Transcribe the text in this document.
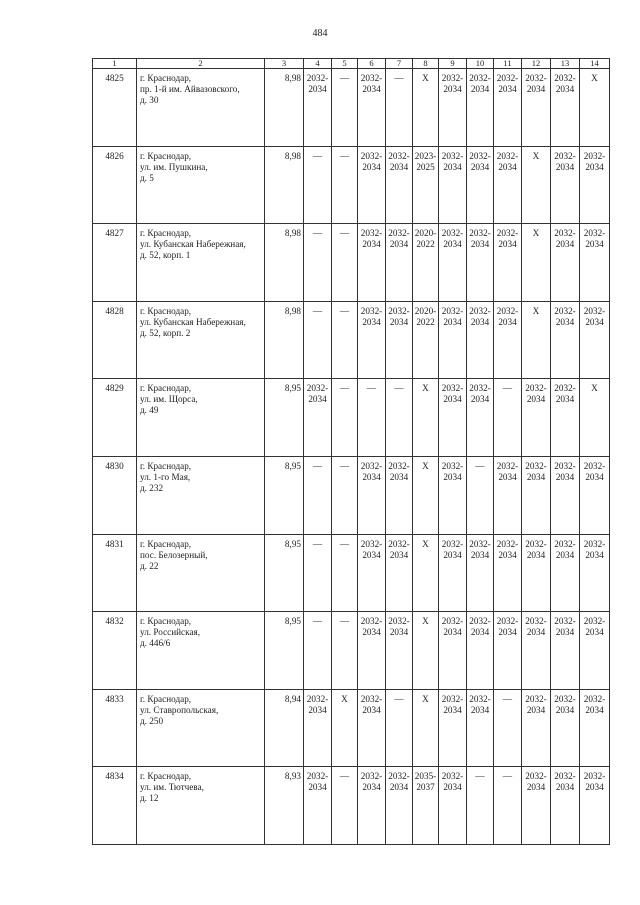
484
1	2	3	4	5	6	7	8	9	10	11	12	13	14
4825	г. Краснодар,
пр. 1-й им. Айвазовского,
д. 30	8,98	2032-
2034	—	2032-
2034	—	X	2032-
2034	2032-
2034	2032-
2034	2032-
2034	2032-
2034	X
4826	г. Краснодар,
ул. им. Пушкина,
д. 5	8,98	—	—	2032-
2034	2032-
2034	2023-
2025	2032-
2034	2032-
2034	2032-
2034	X	2032-
2034	2032-
2034

4827	г. Краснодар,
ул. Кубанская Набережная,
д. 52, корп. 1	8,98	—	—	2032-
2034	2032-
2034	2020-
2022	2032-
2034	2032-
2034	2032-
2034	X	2032-
2034	2032-
2034

4828	г. Краснодар,
ул. Кубанская Набережная,
д. 52, корп. 2	8,98	—	—	2032-
2034	2032-
2034	2020-
2022	2032-
2034	2032-
2034	2032-
2034	X	2032-
2034	2032-
2034

4829	г. Краснодар,
ул. им. Щорса,
д. 49	8,95	2032-
2034	—	—	—	X	2032-
2034	2032-
2034	—	2032-
2034	2032-
2034	X
4830	г. Краснодар,
ул. 1-го Мая,
д. 232	8,95	—	—	2032-
2034	2032-
2034	X	2032-
2034	—	2032-
2034	2032-
2034	2032-
2034	2032-
2034

4831	г. Краснодар,
пос. Белозерный,
д. 22	8,95	—	—	2032-
2034	2032-
2034	X	2032-
2034	2032-
2034	2032-
2034	2032-
2034	2032-
2034	2032-
2034

4832	г. Краснодар,
ул. Российская,
д. 446/6	8,95	—	—	2032-
2034	2032-
2034	X	2032-
2034	2032-
2034	2032-
2034	2032-
2034	2032-
2034	2032-
2034

4833	г. Краснодар,
ул. Ставропольская,
д. 250	8,94	2032-
2034	X	2032-
2034	—	X	2032-
2034	2032-
2034	—	2032-
2034	2032-
2034	2032-
2034

4834	г. Краснодар,
ул. им. Тютчева,
д. 12	8,93	2032-
2034	—	2032-
2034	2032-
2034	2035-
2037	2032-
2034	—	—	2032-
2034	2032-
2034	2032-
2034
